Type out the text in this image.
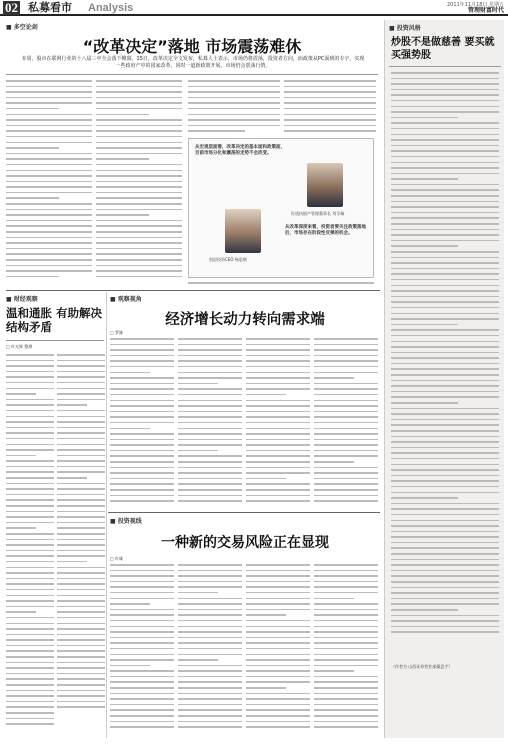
02 私募看市 Analysis	2011年11月18日 星期五
管理财富时代
■ 多空论剑
“改革决定”落地 市场震荡难休

本周，股市在联网行业的十八届三中全会落下帷幕，15日，改革决定全文发布，私募人士表示，市场仍将震荡，投资者方向，而政策从PC面到的专宇，实现一些政府产中的国家改革，同时一道新政策开展，市场仍会震荡行情。

从宏观层面看，改革决定的基本面和政策面，目前市场分化和震荡的走势不会改变。
好道执银产管理董事长 刘孚佩
凯思投资CEO 杨思钢
从改革深度来看，投资者要关注政策落地后，市场存在阶段性反弹的机会。
■ 投资风格
炒股不是做慈善 要买就买强势股
（作者为 山西证券营业部操盘手）
■ 财经观察
温和通胀 有助解决结构矛盾
□ 叶光辉 整理
■ 观察视角
经济增长动力转向需求端
□ 罗雄
■ 投资视线
一种新的交易风险正在显现
□ 叶雄
